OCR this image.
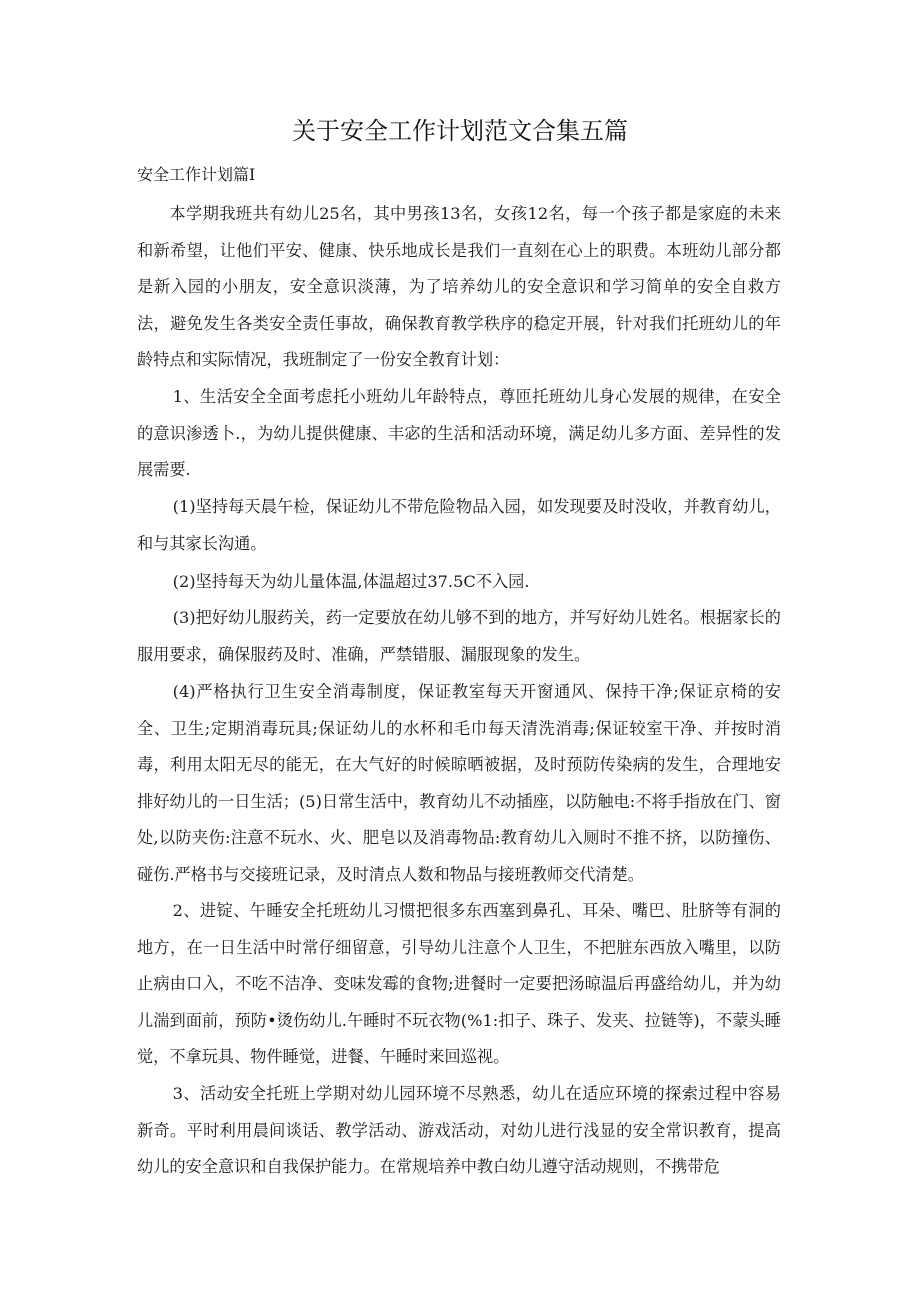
关于安全工作计划范文合集五篇

安全工作计划篇I

本学期我班共有幼儿25名，其中男孩13名，女孩12名，每一个孩子都是家庭的未来和新希望，让他们平安、健康、快乐地成长是我们一直刻在心上的职费。本班幼儿部分都是新入园的小朋友，安全意识淡薄，为了培养幼儿的安全意识和学习简单的安全自救方法，避免发生各类安全责任事故，确保教育教学秩序的稳定开展，针对我们托班幼儿的年龄特点和实际情况，我班制定了一份安全教育计划：

1、生活安全全面考虑托小班幼儿年龄特点，尊匝托班幼儿身心发展的规律，在安全的意识渗透卜.，为幼儿提供健康、丰宓的生活和活动环境，满足幼儿多方面、差异性的发展需要.

(1)坚持每天晨午检，保证幼儿不带危险物品入园，如发现要及时没收，并教育幼儿，和与其家长沟通。

(2)坚持每天为幼儿量体温,体温超过37.5C不入园.

(3)把好幼儿服药关，药一定要放在幼儿够不到的地方，并写好幼儿姓名。根据家长的服用要求，确保服药及时、准确，严禁错服、漏服现象的发生。

(4)严格执行卫生安全消毒制度，保证教室每天开窗通风、保持干净;保证京椅的安全、卫生;定期消毒玩具;保证幼儿的水杯和毛巾每天清洗消毒;保证较室干净、并按时消毒，利用太阳无尽的能无，在大气好的时候晾晒被据，及时预防传染病的发生，合理地安排好幼儿的一日生活；(5)日常生活中，教育幼儿不动插座，以防触电:不将手指放在门、窗处,以防夹伤:注意不玩水、火、肥皂以及消毒物品:教育幼儿入厕时不推不挤，以防撞伤、碰伤.严格书与交接班记录，及时清点人数和物品与接班教师交代清楚。

2、进锭、午睡安全托班幼儿习惯把很多东西塞到鼻孔、耳朵、嘴巴、肚脐等有洞的地方，在一日生活中时常仔细留意，引导幼儿注意个人卫生，不把脏东西放入嘴里，以防止病由口入，不吃不洁净、变味发霉的食物;进餐时一定要把汤晾温后再盛给幼儿，并为幼儿湍到面前，预防•烫伤幼儿.午睡时不玩衣物(%1:扣子、珠子、发夹、拉链等)，不蒙头睡觉，不拿玩具、物件睡觉，进餐、午睡时来回巡视。

3、活动安全托班上学期对幼儿园环境不尽熟悉，幼儿在适应环境的探索过程中容易新奇。平时利用晨间谈话、教学活动、游戏活动，对幼儿进行浅显的安全常识教育，提高幼儿的安全意识和自我保护能力。在常规培养中教白幼儿遵守活动规则，不携带危
